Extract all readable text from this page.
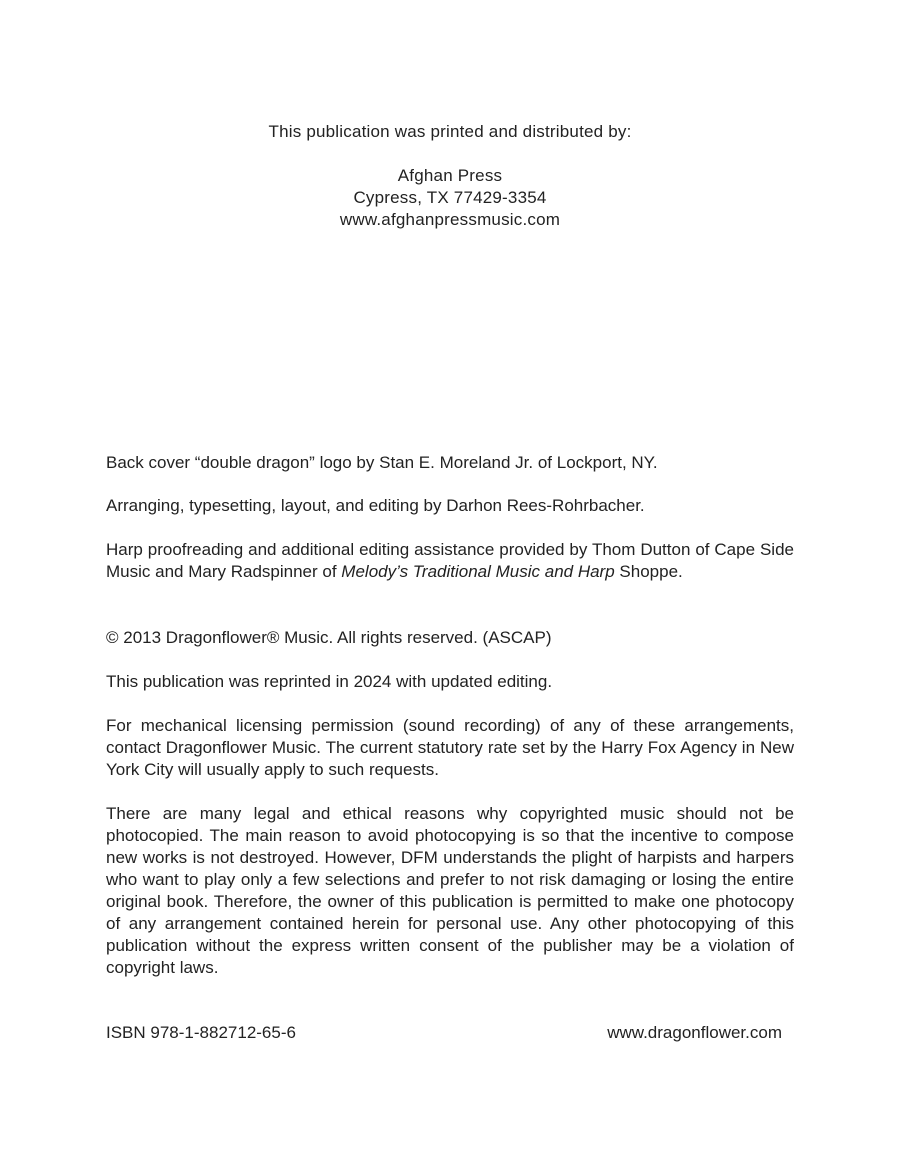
This publication was printed and distributed by:
Afghan Press
Cypress, TX 77429-3354
www.afghanpressmusic.com

Back cover “double dragon” logo by Stan E. Moreland Jr. of Lockport, NY.

Arranging, typesetting, layout, and editing by Darhon Rees-Rohrbacher.

Harp proofreading and additional editing assistance provided by Thom Dutton of Cape Side Music and Mary Radspinner of Melody’s Traditional Music and Harp Shoppe.

© 2013 Dragonflower® Music. All rights reserved. (ASCAP)

This publication was reprinted in 2024 with updated editing.

For mechanical licensing permission (sound recording) of any of these arrangements, contact Dragonflower Music. The current statutory rate set by the Harry Fox Agency in New York City will usually apply to such requests.

There are many legal and ethical reasons why copyrighted music should not be photocopied. The main reason to avoid photocopying is so that the incentive to compose new works is not destroyed. However, DFM understands the plight of harpists and harpers who want to play only a few selections and prefer to not risk damaging or losing the entire original book. Therefore, the owner of this publication is permitted to make one photocopy of any arrangement contained herein for personal use. Any other photocopying of this publication without the express written consent of the publisher may be a violation of copyright laws.

ISBN 978-1-882712-65-6	www.dragonflower.com
